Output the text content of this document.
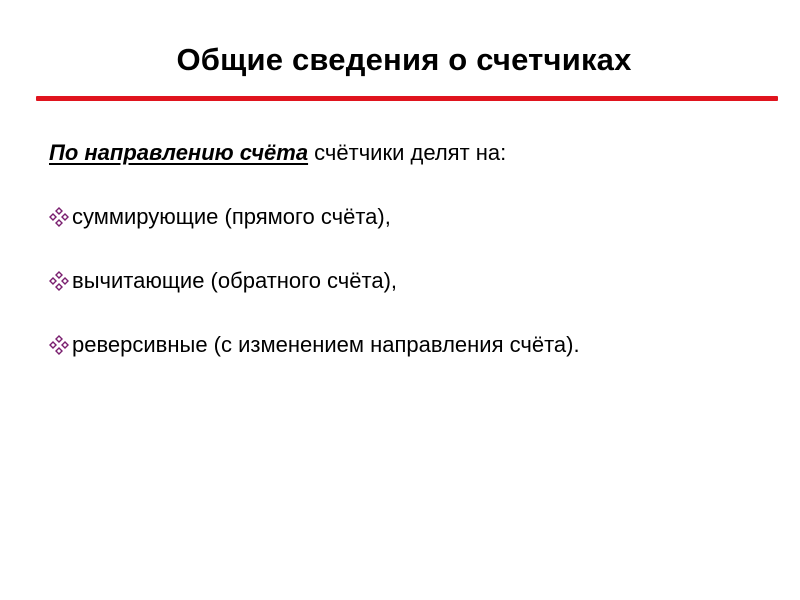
Общие сведения о счетчиках

По направлению счёта счётчики делят на:

суммирующие (прямого счёта),
вычитающие (обратного счёта),
реверсивные (с изменением направления счёта).
